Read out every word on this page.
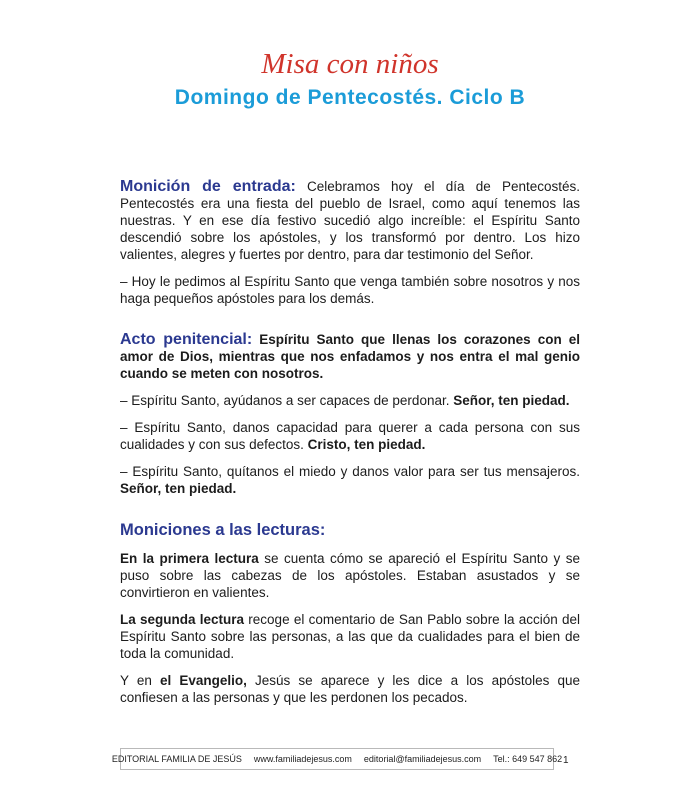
Misa con niños
Domingo de Pentecostés. Ciclo B

Monición de entrada: Celebramos hoy el día de Pentecostés. Pentecostés era una fiesta del pueblo de Israel, como aquí tenemos las nuestras. Y en ese día festivo sucedió algo increíble: el Espíritu Santo descendió sobre los apóstoles, y los transformó por dentro. Los hizo valientes, alegres y fuertes por dentro, para dar testimonio del Señor.

– Hoy le pedimos al Espíritu Santo que venga también sobre nosotros y nos haga pequeños apóstoles para los demás.

Acto penitencial: Espíritu Santo que llenas los corazones con el amor de Dios, mientras que nos enfadamos y nos entra el mal genio cuando se meten con nosotros.

– Espíritu Santo, ayúdanos a ser capaces de perdonar. Señor, ten piedad.

– Espíritu Santo, danos capacidad para querer a cada persona con sus cualidades y con sus defectos. Cristo, ten piedad.

– Espíritu Santo, quítanos el miedo y danos valor para ser tus mensajeros. Señor, ten piedad.

Moniciones a las lecturas:

En la primera lectura se cuenta cómo se apareció el Espíritu Santo y se puso sobre las cabezas de los apóstoles. Estaban asustados y se convirtieron en valientes.

La segunda lectura recoge el comentario de San Pablo sobre la acción del Espíritu Santo sobre las personas, a las que da cualidades para el bien de toda la comunidad.

Y en el Evangelio, Jesús se aparece y les dice a los apóstoles que confiesen a las personas y que les perdonen los pecados.

EDITORIAL FAMILIA DE JESÚS www.familiadejesus.com editorial@familiadejesus.com Tel.: 649 547 862 1
